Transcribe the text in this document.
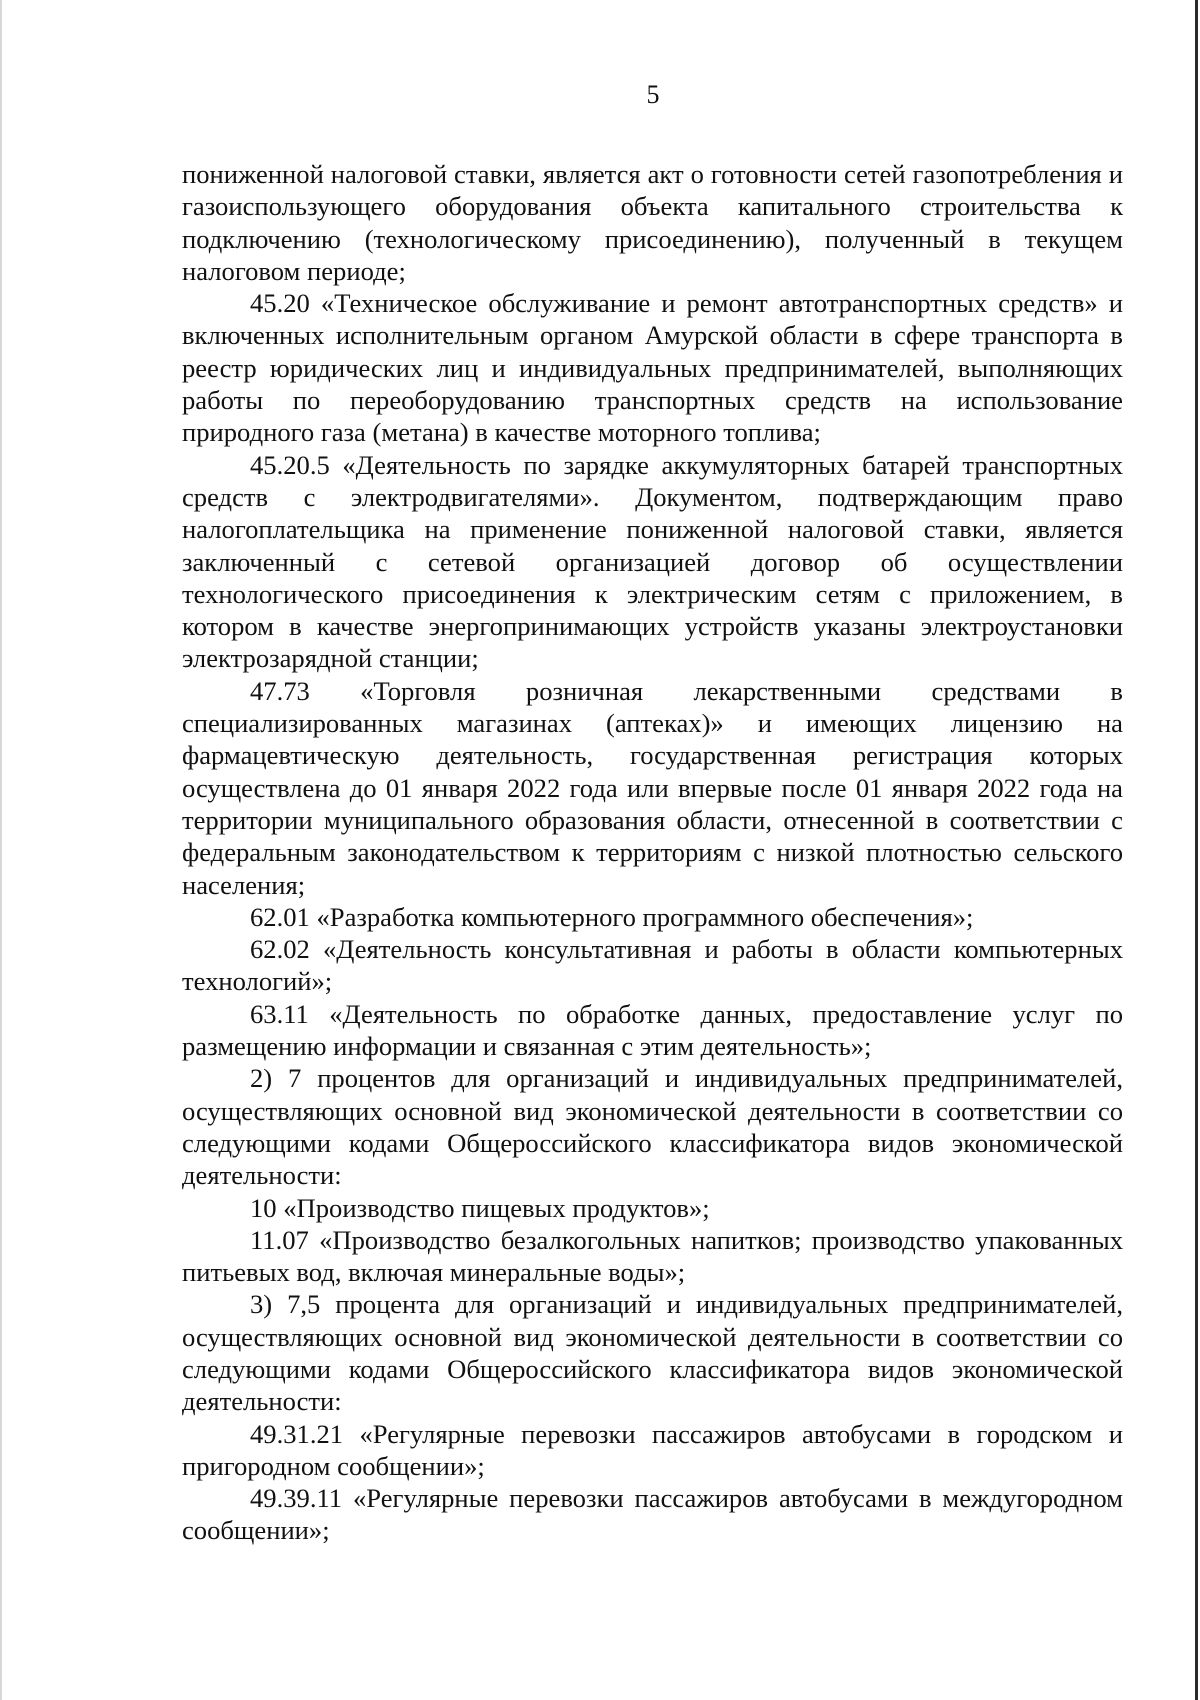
5

пониженной налоговой ставки, является акт о готовности сетей газопотребления и газоиспользующего оборудования объекта капитального строительства к подключению (технологическому присоединению), полученный в текущем налоговом периоде;

45.20 «Техническое обслуживание и ремонт автотранспортных средств» и включенных исполнительным органом Амурской области в сфере транспорта в реестр юридических лиц и индивидуальных предпринимателей, выполняющих работы по переоборудованию транспортных средств на использование природного газа (метана) в качестве моторного топлива;

45.20.5 «Деятельность по зарядке аккумуляторных батарей транспортных средств с электродвигателями». Документом, подтверждающим право налогоплательщика на применение пониженной налоговой ставки, является заключенный с сетевой организацией договор об осуществлении технологического присоединения к электрическим сетям с приложением, в котором в качестве энергопринимающих устройств указаны электроустановки электрозарядной станции;

47.73 «Торговля розничная лекарственными средствами в специализированных магазинах (аптеках)» и имеющих лицензию на фармацевтическую деятельность, государственная регистрация которых осуществлена до 01 января 2022 года или впервые после 01 января 2022 года на территории муниципального образования области, отнесенной в соответствии с федеральным законодательством к территориям с низкой плотностью сельского населения;

62.01 «Разработка компьютерного программного обеспечения»;

62.02 «Деятельность консультативная и работы в области компьютерных технологий»;

63.11 «Деятельность по обработке данных, предоставление услуг по размещению информации и связанная с этим деятельность»;

2) 7 процентов для организаций и индивидуальных предпринимателей, осуществляющих основной вид экономической деятельности в соответствии со следующими кодами Общероссийского классификатора видов экономической деятельности:

10 «Производство пищевых продуктов»;

11.07 «Производство безалкогольных напитков; производство упакованных питьевых вод, включая минеральные воды»;

3) 7,5 процента для организаций и индивидуальных предпринимателей, осуществляющих основной вид экономической деятельности в соответствии со следующими кодами Общероссийского классификатора видов экономической деятельности:

49.31.21 «Регулярные перевозки пассажиров автобусами в городском и пригородном сообщении»;

49.39.11 «Регулярные перевозки пассажиров автобусами в междугородном сообщении»;
